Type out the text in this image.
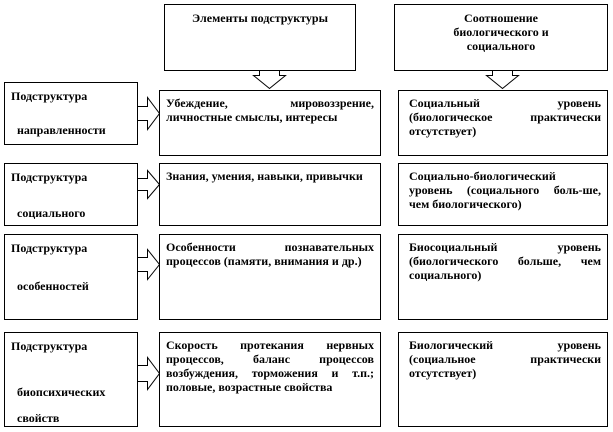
Элементы подструктуры	Соотношение биологического и социального
Подструктура
направленности
Убеждение, мировоззрение, личностные смыслы, интересы
Социальный уровень (биологическое практически отсутствует)
Подструктура
социального
Знания, умения, навыки, привычки	Социально-биологический уровень (социального боль-ше, чем биологического)
Подструктура
особенностей
Особенности познавательных процессов (памяти, внимания и др.)
Биосоциальный уровень (биологического больше, чем социального)
Подструктура
биопсихических свойств
Скорость протекания нервных процессов, баланс процессов возбуждения, торможения и т.п.; половые, возрастные свойства
Биологический уровень (социальное практически отсутствует)
